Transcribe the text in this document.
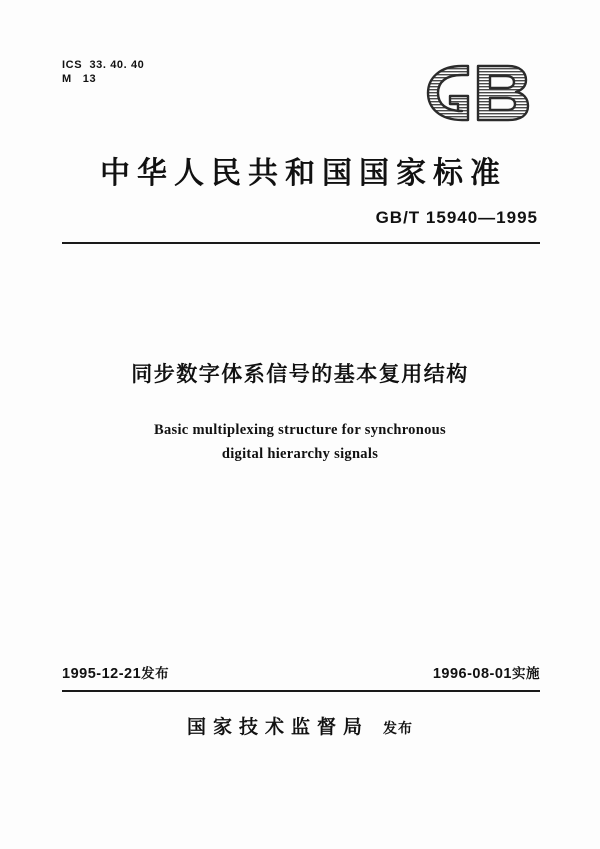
ICS  33. 40. 40
M   13
中华人民共和国国家标准
GB/T 15940—1995
同步数字体系信号的基本复用结构
Basic multiplexing structure for synchronous
digital hierarchy signals
1995-12-21发布	1996-08-01实施
国家技术监督局 发布
